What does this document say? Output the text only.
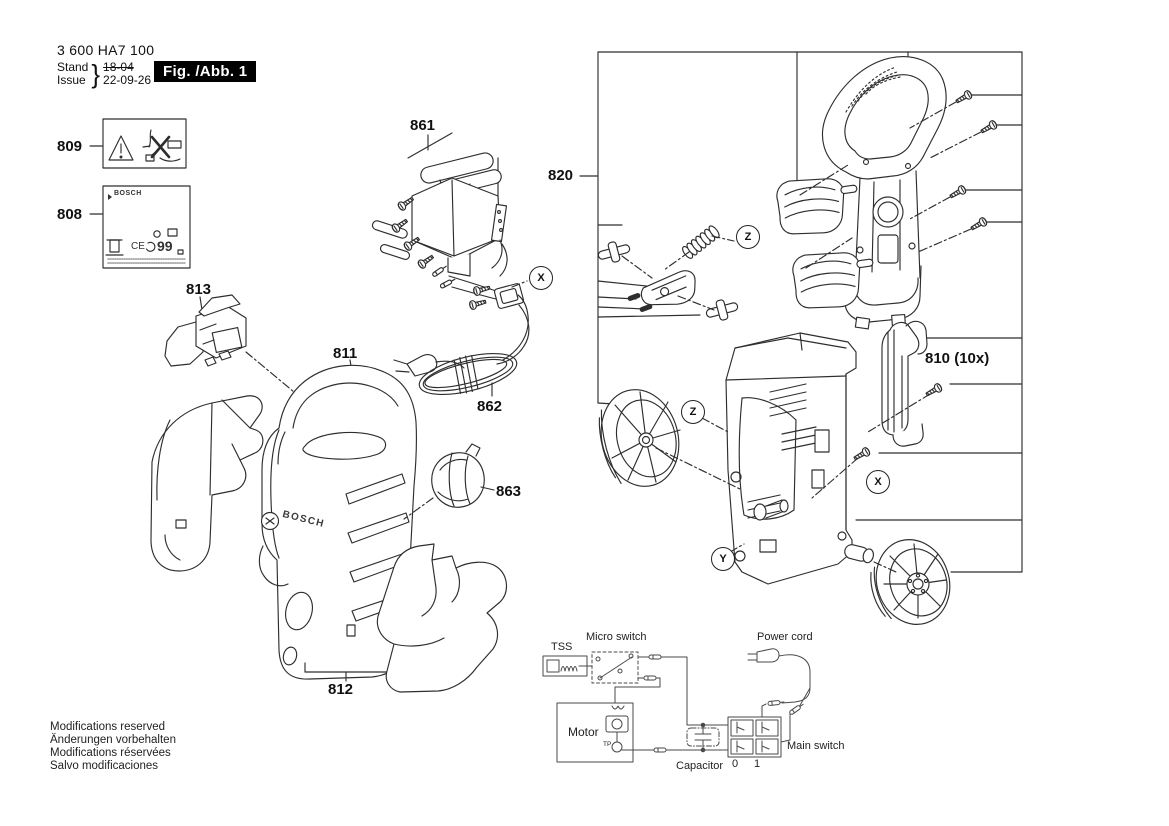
3 600 HA7 100
Stand
Issue } 18-04
22-09-26 Fig. /Abb. 1
809
808
813
811
861
862
863
812
820
810 (10x)
X
Z
Z
Y
X
BOSCH
BOSCH
CE 99
TSS
Micro switch	Power cord
Motor
TP
Capacitor
Main switch
0 1
Modifications reserved
Änderungen vorbehalten
Modifications réservées
Salvo modificaciones
